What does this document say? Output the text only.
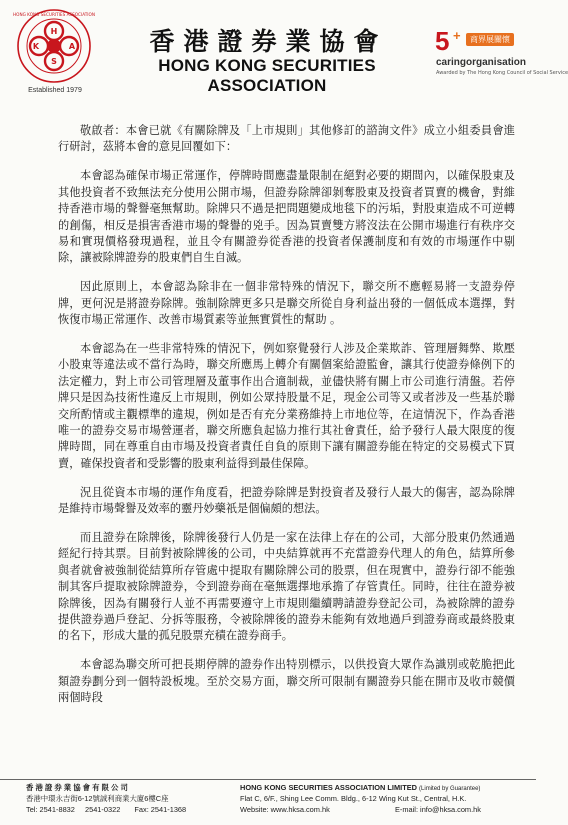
H
A
S
K
HONG KONG SECURITIES ASSOCIATION
Established 1979
香港證券業協會
HONG KONG SECURITIES ASSOCIATION
5 +	商界展關懷
caringorganisation
Awarded by The Hong Kong Council of Social Service

敬啟者：本會已就《有關除牌及「上市規則」其他修訂的諮詢文件》成立小組委員會進行研討，茲將本會的意見回覆如下：

本會認為確保市場正常運作，停牌時間應盡量限制在絕對必要的期間內，以確保股東及其他投資者不致無法充分使用公開市場，但證券除牌卻剝奪股東及投資者買賣的機會，對維持香港市場的聲譽毫無幫助。除牌只不過是把問題變成地毯下的污垢，對股東造成不可逆轉的創傷，相反是損害香港市場的聲譽的兇手。因為買賣雙方將沒法在公開市場進行有秩序交易和實現價格發現過程，並且令有關證券從香港的投資者保護制度和有效的市場運作中剔除，讓被除牌證券的股東們自生自滅。

因此原則上，本會認為除非在一個非常特殊的情況下，聯交所不應輕易將一支證券停牌，更何況是將證券除牌。強制除牌更多只是聯交所從自身利益出發的一個低成本選擇，對恢復市場正常運作、改善市場質素等並無實質性的幫助 。

本會認為在一些非常特殊的情況下，例如察覺發行人涉及企業欺詐、管理層舞弊、欺壓小股東等違法或不當行為時，聯交所應馬上轉介有關個案給證監會，讓其行使證券條例下的法定權力，對上市公司管理層及董事作出合適制裁，並儘快將有關上市公司進行清盤。若停牌只是因為技術性違反上市規則，例如公眾持股量不足，現金公司等又或者涉及一些基於聯交所酌情或主觀標準的違規，例如是否有充分業務維持上市地位等，在這情況下，作為香港唯一的證券交易市場營運者，聯交所應負起協力推行其社會責任，給予發行人最大限度的復牌時間，同在尊重自由市場及投資者責任自負的原則下讓有關證券能在特定的交易模式下買賣，確保投資者和受影響的股東利益得到最佳保障。

況且從資本市場的運作角度看，把證券除牌是對投資者及發行人最大的傷害，認為除牌是維持市場聲譽及效率的靈丹妙藥祇是個偏頗的想法。

而且證券在除牌後，除牌後發行人仍是一家在法律上存在的公司，大部分股東仍然通過經紀行持其票。目前對被除牌後的公司，中央結算就再不充當證券代理人的角色，結算所參與者就會被強制從結算所存管處中提取有關除牌公司的股票，但在現實中，證券行卻不能強制其客戶提取被除牌證券，令到證券商在毫無選擇地承擔了存管責任。同時，往往在證券被除牌後，因為有關發行人並不再需要遵守上市規則繼續聘請證券登記公司，為被除牌的證券提供證券過戶登記、分拆等服務，令被除牌後的證券未能夠有效地過戶到證券商或最終股東的名下，形成大量的孤兒股票充積在證券商手。

本會認為聯交所可把長期停牌的證券作出特別標示，以供投資大眾作為識別或乾脆把此類證券劃分到一個特設板塊。至於交易方面，聯交所可限制有關證券只能在開市及收市競價兩個時段

香 港 證 券 業 協 會 有 限 公 司	HONG KONG SECURITIES ASSOCIATION LIMITED (Limited by Guarantee)
香港中環永吉街6-12號誠利商業大廈6樓C座	Flat C, 6/F., Shing Lee Comm. Bldg., 6-12 Wing Kut St., Central, H.K.
Tel: 2541-8832 2541-0322 Fax: 2541-1368	Website: www.hksa.com.hk	E-mail: info@hksa.com.hk
